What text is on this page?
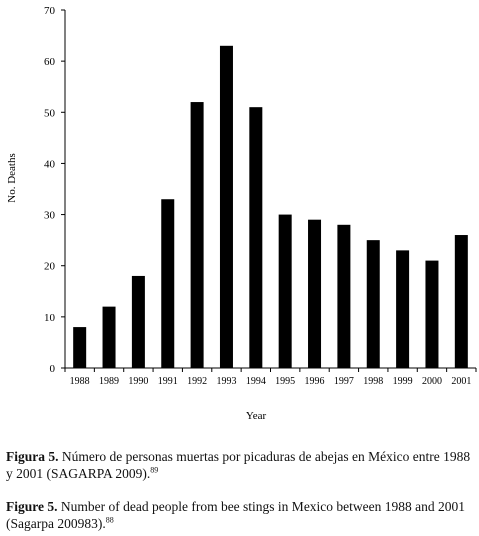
No. Deaths
0
10
20
30
40
50
60
70
1988 1989 1990 1991 1992 1993 1994 1995 1996 1997 1998 1999 2000 2001
Year
Figura 5. Número de personas muertas por picaduras de abejas en México entre 1988 y 2001 (SAGARPA 2009).$^{89}$
Figure 5. Number of dead people from bee stings in Mexico between 1988 and 2001 (Sagarpa 200983).$^{88}$
